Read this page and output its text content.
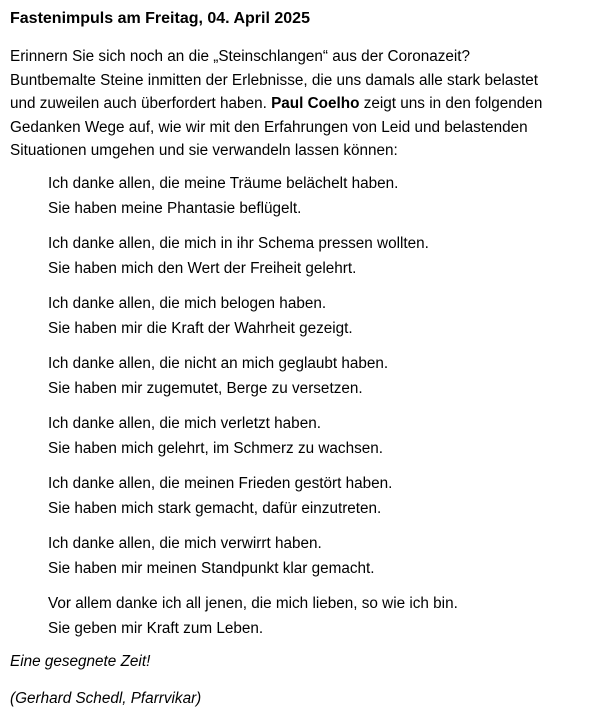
Fastenimpuls am Freitag, 04. April 2025

Erinnern Sie sich noch an die „Steinschlangen“ aus der Coronazeit?
Buntbemalte Steine inmitten der Erlebnisse, die uns damals alle stark belastet
und zuweilen auch überfordert haben. Paul Coelho zeigt uns in den folgenden
Gedanken Wege auf, wie wir mit den Erfahrungen von Leid und belastenden
Situationen umgehen und sie verwandeln lassen können:

Ich danke allen, die meine Träume belächelt haben.
Sie haben meine Phantasie beflügelt.

Ich danke allen, die mich in ihr Schema pressen wollten.
Sie haben mich den Wert der Freiheit gelehrt.

Ich danke allen, die mich belogen haben.
Sie haben mir die Kraft der Wahrheit gezeigt.

Ich danke allen, die nicht an mich geglaubt haben.
Sie haben mir zugemutet, Berge zu versetzen.

Ich danke allen, die mich verletzt haben.
Sie haben mich gelehrt, im Schmerz zu wachsen.

Ich danke allen, die meinen Frieden gestört haben.
Sie haben mich stark gemacht, dafür einzutreten.

Ich danke allen, die mich verwirrt haben.
Sie haben mir meinen Standpunkt klar gemacht.

Vor allem danke ich all jenen, die mich lieben, so wie ich bin.
Sie geben mir Kraft zum Leben.

Eine gesegnete Zeit!

(Gerhard Schedl, Pfarrvikar)
